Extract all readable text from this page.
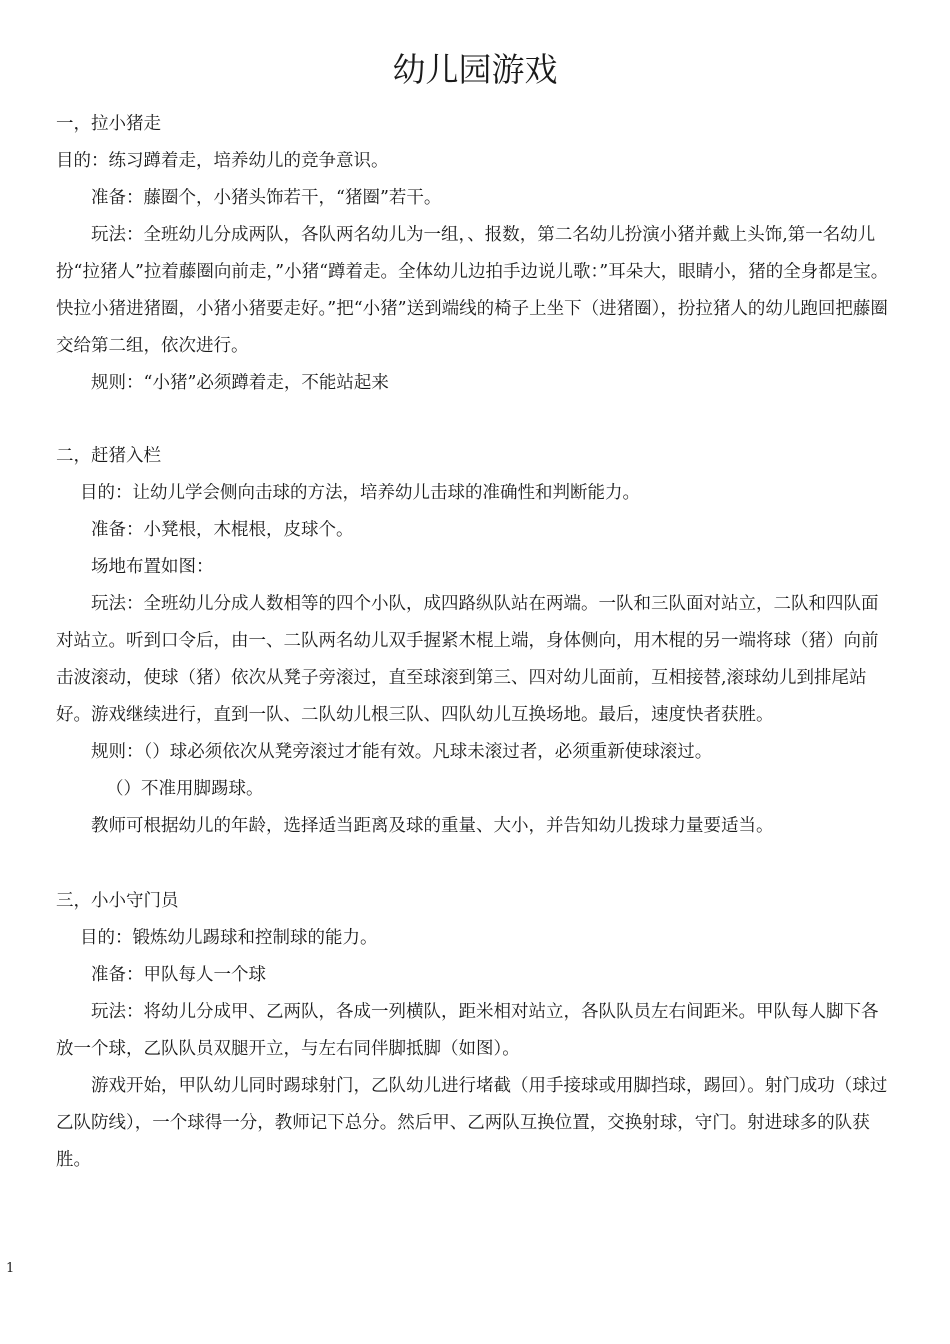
幼儿园游戏

一，拉小猪走

目的：练习蹲着走，培养幼儿的竞争意识。

准备：藤圈个，小猪头饰若干，“猪圈”若干。

玩法：全班幼儿分成两队，各队两名幼儿为一组，、报数，第二名幼儿扮演小猪并戴上头饰,第一名幼儿扮“拉猪人”拉着藤圈向前走，”小猪“蹲着走。全体幼儿边拍手边说儿歌：”耳朵大，眼睛小，猪的全身都是宝。快拉小猪进猪圈，小猪小猪要走好。”把“小猪”送到端线的椅子上坐下（进猪圈），扮拉猪人的幼儿跑回把藤圈交给第二组，依次进行。

规则：“小猪”必须蹲着走，不能站起来

二，赶猪入栏

目的：让幼儿学会侧向击球的方法，培养幼儿击球的准确性和判断能力。

准备：小凳根，木棍根，皮球个。

场地布置如图：

玩法：全班幼儿分成人数相等的四个小队，成四路纵队站在两端。一队和三队面对站立，二队和四队面对站立。听到口令后，由一、二队两名幼儿双手握紧木棍上端，身体侧向，用木棍的另一端将球（猪）向前击波滚动，使球（猪）依次从凳子旁滚过，直至球滚到第三、四对幼儿面前，互相接替,滚球幼儿到排尾站好。游戏继续进行，直到一队、二队幼儿根三队、四队幼儿互换场地。最后，速度快者获胜。

规则：（）球必须依次从凳旁滚过才能有效。凡球未滚过者，必须重新使球滚过。

（）不准用脚踢球。

教师可根据幼儿的年龄，选择适当距离及球的重量、大小，并告知幼儿拨球力量要适当。

三，小小守门员

目的：锻炼幼儿踢球和控制球的能力。

准备：甲队每人一个球

玩法：将幼儿分成甲、乙两队，各成一列横队，距米相对站立，各队队员左右间距米。甲队每人脚下各放一个球，乙队队员双腿开立，与左右同伴脚抵脚（如图）。

游戏开始，甲队幼儿同时踢球射门，乙队幼儿进行堵截（用手接球或用脚挡球，踢回）。射门成功（球过乙队防线），一个球得一分，教师记下总分。然后甲、乙两队互换位置，交换射球，守门。射进球多的队获胜。

1
